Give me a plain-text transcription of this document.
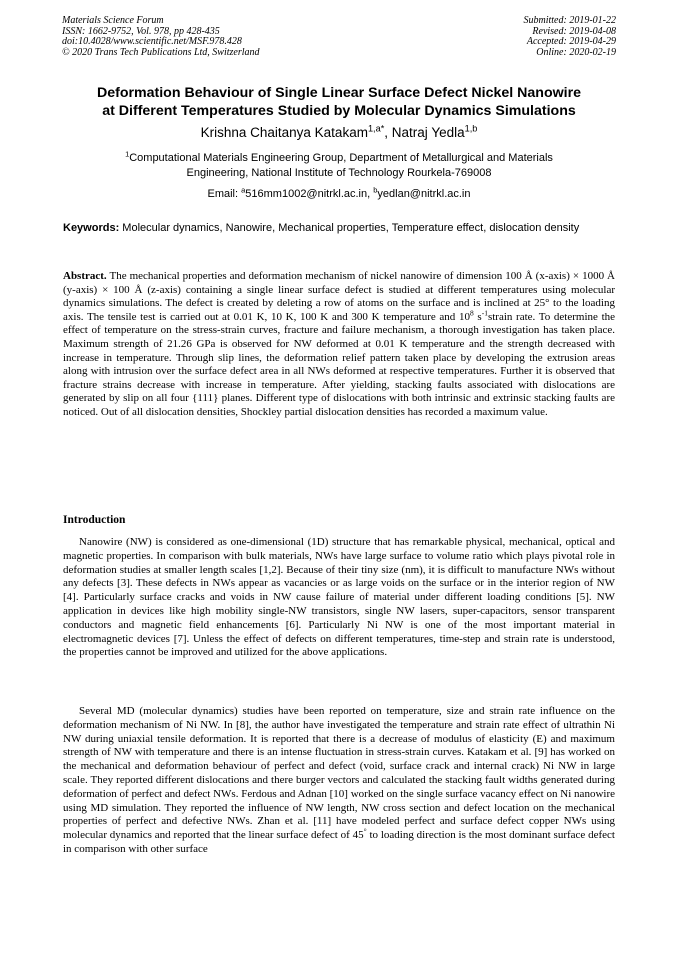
Materials Science Forum
ISSN: 1662-9752, Vol. 978, pp 428-435
doi:10.4028/www.scientific.net/MSF.978.428
© 2020 Trans Tech Publications Ltd, Switzerland
Submitted: 2019-01-22
Revised: 2019-04-08
Accepted: 2019-04-29
Online: 2020-02-19
Deformation Behaviour of Single Linear Surface Defect Nickel Nanowire
at Different Temperatures Studied by Molecular Dynamics Simulations
Krishna Chaitanya Katakam$^{1,a*}$, Natraj Yedla$^{1,b}$
$^1$Computational Materials Engineering Group, Department of Metallurgical and Materials
Engineering, National Institute of Technology Rourkela-769008
Email: $^a$516mm1002@nitrkl.ac.in, $^b$yedlan@nitrkl.ac.in
Keywords: Molecular dynamics, Nanowire, Mechanical properties, Temperature effect, dislocation density
Abstract. The mechanical properties and deformation mechanism of nickel nanowire of dimension 100 Å (x-axis) × 1000 Å (y-axis) × 100 Å (z-axis) containing a single linear surface defect is studied at different temperatures using molecular dynamics simulations. The defect is created by deleting a row of atoms on the surface and is inclined at 25° to the loading axis. The tensile test is carried out at 0.01 K, 10 K, 100 K and 300 K temperature and $10^8$ $s^{-1}strain$ rate. To determine the effect of temperature on the stress-strain curves, fracture and failure mechanism, a thorough investigation has taken place. Maximum strength of 21.26 GPa is observed for NW deformed at 0.01 K temperature and the strength decreased with increase in temperature. Through slip lines, the deformation relief pattern taken place by developing the extrusion areas along with intrusion over the surface defect area in all NWs deformed at respective temperatures. Further it is observed that fracture strains decrease with increase in temperature. After yielding, stacking faults associated with dislocations are generated by slip on all four {111} planes. Different type of dislocations with both intrinsic and extrinsic stacking faults are noticed. Out of all dislocation densities, Shockley partial dislocation densities has recorded a maximum value.
Introduction

Nanowire (NW) is considered as one-dimensional (1D) structure that has remarkable physical, mechanical, optical and magnetic properties. In comparison with bulk materials, NWs have large surface to volume ratio which plays pivotal role in deformation studies at smaller length scales [1,2]. Because of their tiny size (nm), it is difficult to manufacture NWs without any defects [3]. These defects in NWs appear as vacancies or as large voids on the surface or in the interior region of NW [4]. Particularly surface cracks and voids in NW cause failure of material under different loading conditions [5]. NW application in devices like high mobility single-NW transistors, single NW lasers, super-capacitors, sensor transparent conductors and magnetic field enhancements [6]. Particularly Ni NW is one of the most important material in electromagnetic devices [7]. Unless the effect of defects on different temperatures, time-step and strain rate is understood, the properties cannot be improved and utilized for the above applications.

Several MD (molecular dynamics) studies have been reported on temperature, size and strain rate influence on the deformation mechanism of Ni NW. In [8], the author have investigated the temperature and strain rate effect of ultrathin Ni NW during uniaxial tensile deformation. It is reported that there is a decrease of modulus of elasticity (E) and maximum strength of NW with temperature and there is an intense fluctuation in stress-strain curves. Katakam et al. [9] has worked on the mechanical and deformation behaviour of perfect and defect (void, surface crack and internal crack) Ni NW in large scale. They reported different dislocations and there burger vectors and calculated the stacking fault widths generated during deformation of perfect and defect NWs. Ferdous and Adnan [10] worked on the single surface vacancy effect on Ni nanowire using MD simulation. They reported the influence of NW length, NW cross section and defect location on the mechanical properties of perfect and defective NWs. Zhan et al. [11] have modeled perfect and surface defect copper NWs using molecular dynamics and reported that the linear surface defect of 45° to loading direction is the most dominant surface defect in comparison with other surface
